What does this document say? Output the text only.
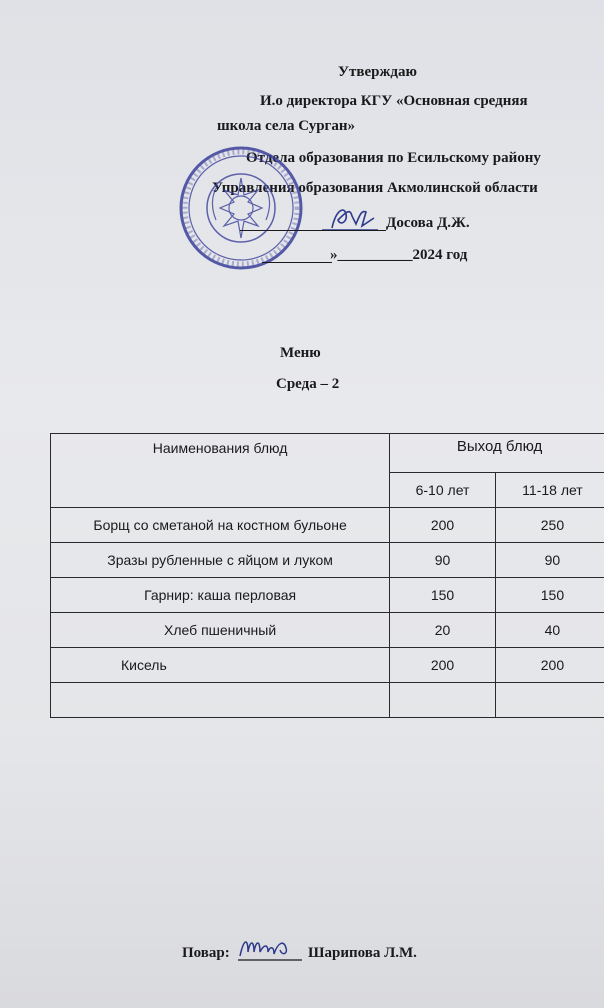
Утверждаю
И.о директора КГУ «Основная средняя
школа села Сурган»
Отдела образования по Есильскому району
Управления образования Акмолинской области
Досова Д.Ж.
»__________2024 год
Меню
Среда – 2
Наименования блюд	Выход блюд	
	6-10 лет	11-18 лет
Борщ со сметаной на костном бульоне	200	250
Зразы рубленные с яйцом и луком	90	90
Гарнир: каша перловая	150	150
Хлеб пшеничный	20	40
Кисель	200	200

Повар:	Шарипова Л.М.
